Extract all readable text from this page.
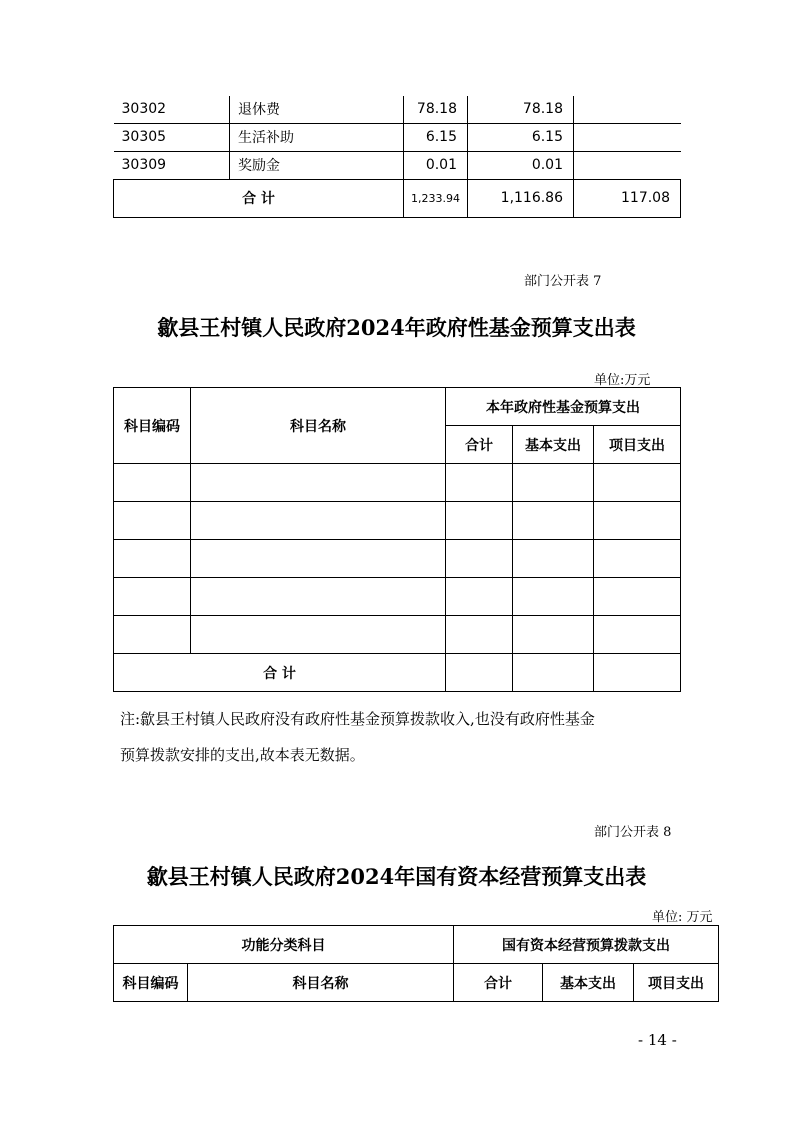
30302	退休费	78.18	78.18	
30305	生活补助	6.15	6.15	
30309	奖励金	0.01	0.01	
合 计		1,233.94	1,116.86	117.08
部门公开表 7
歙县王村镇人民政府2024年政府性基金预算支出表
单位:万元
科目编码	科目名称	本年政府性基金预算支出		
		合计	基本支出	项目支出

合 计				
注:歙县王村镇人民政府没有政府性基金预算拨款收入,也没有政府性基金
预算拨款安排的支出,故本表无数据。
部门公开表 8
歙县王村镇人民政府2024年国有资本经营预算支出表
单位: 万元
功能分类科目		国有资本经营预算拨款支出		
科目编码	科目名称	合计	基本支出	项目支出
- 14 -
